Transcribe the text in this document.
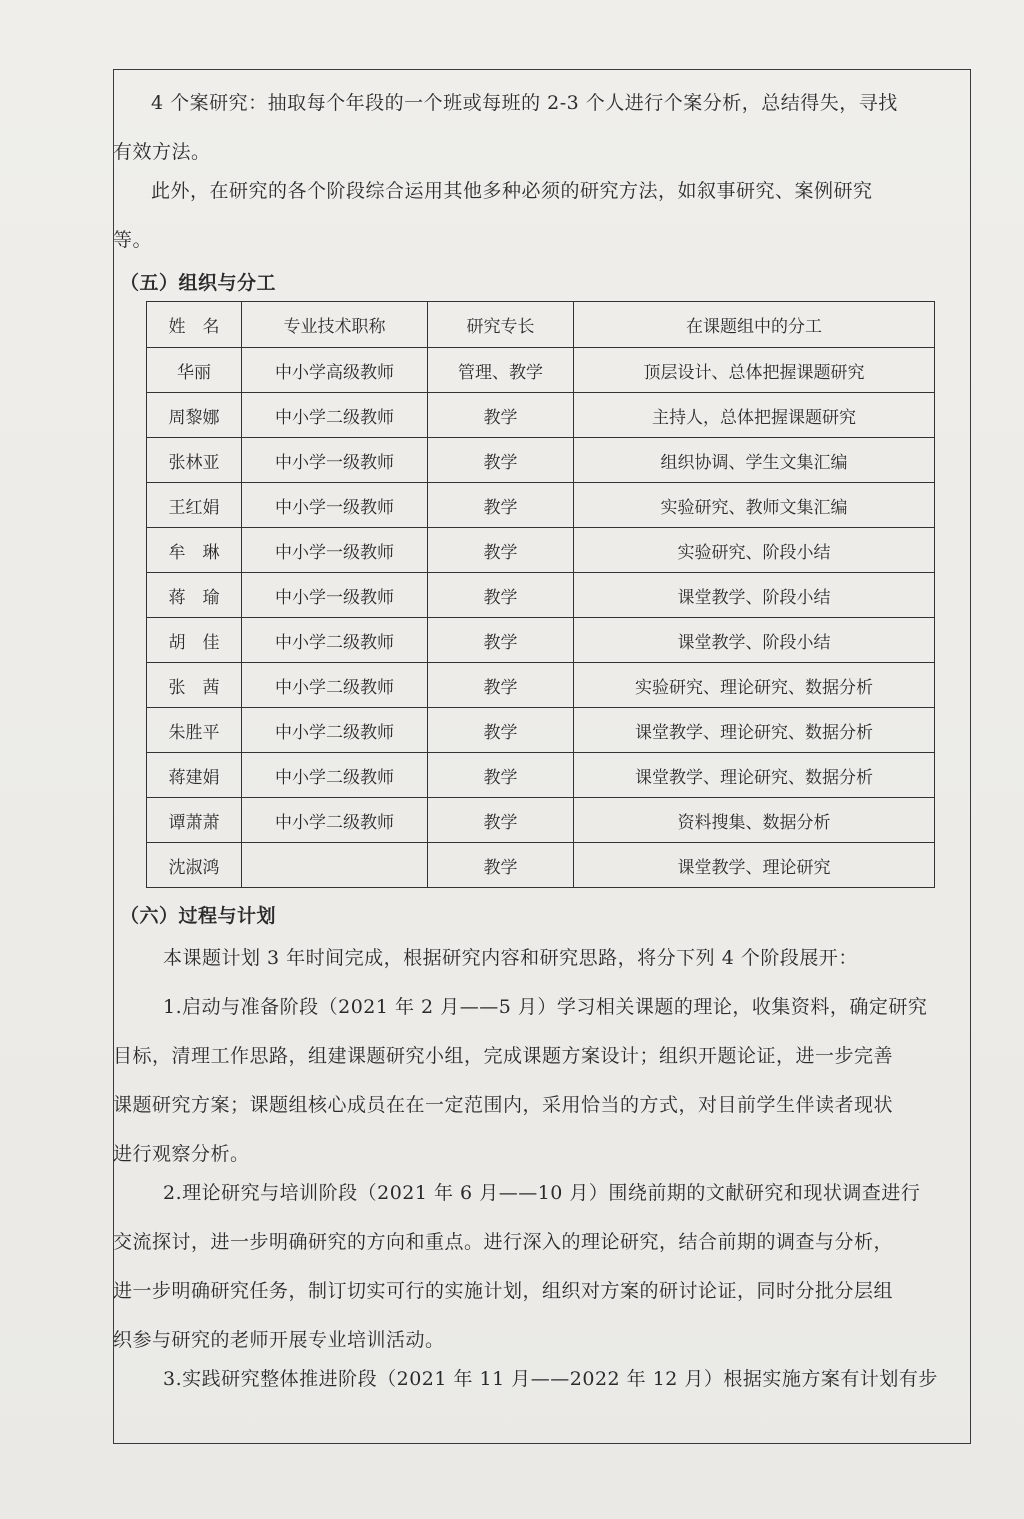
4 个案研究：抽取每个年段的一个班或每班的 2-3 个人进行个案分析，总结得失，寻找
有效方法。
此外，在研究的各个阶段综合运用其他多种必须的研究方法，如叙事研究、案例研究
等。
（五）组织与分工
姓　名	专业技术职称	研究专长	在课题组中的分工
华丽	中小学高级教师	管理、教学	顶层设计、总体把握课题研究
周黎娜	中小学二级教师	教学	主持人，总体把握课题研究
张林亚	中小学一级教师	教学	组织协调、学生文集汇编
王红娟	中小学一级教师	教学	实验研究、教师文集汇编
牟　琳	中小学一级教师	教学	实验研究、阶段小结
蒋　瑜	中小学一级教师	教学	课堂教学、阶段小结
胡　佳	中小学二级教师	教学	课堂教学、阶段小结
张　茜	中小学二级教师	教学	实验研究、理论研究、数据分析
朱胜平	中小学二级教师	教学	课堂教学、理论研究、数据分析
蒋建娟	中小学二级教师	教学	课堂教学、理论研究、数据分析
谭萧萧	中小学二级教师	教学	资料搜集、数据分析
沈淑鸿		教学	课堂教学、理论研究
（六）过程与计划
本课题计划 3 年时间完成，根据研究内容和研究思路，将分下列 4 个阶段展开：
1.启动与准备阶段（2021 年 2 月——5 月）学习相关课题的理论，收集资料，确定研究
目标，清理工作思路，组建课题研究小组，完成课题方案设计；组织开题论证，进一步完善
课题研究方案；课题组核心成员在在一定范围内，采用恰当的方式，对目前学生伴读者现状
进行观察分析。
2.理论研究与培训阶段（2021 年 6 月——10 月）围绕前期的文献研究和现状调查进行
交流探讨，进一步明确研究的方向和重点。进行深入的理论研究，结合前期的调查与分析，
进一步明确研究任务，制订切实可行的实施计划，组织对方案的研讨论证，同时分批分层组
织参与研究的老师开展专业培训活动。
3.实践研究整体推进阶段（2021 年 11 月——2022 年 12 月）根据实施方案有计划有步
